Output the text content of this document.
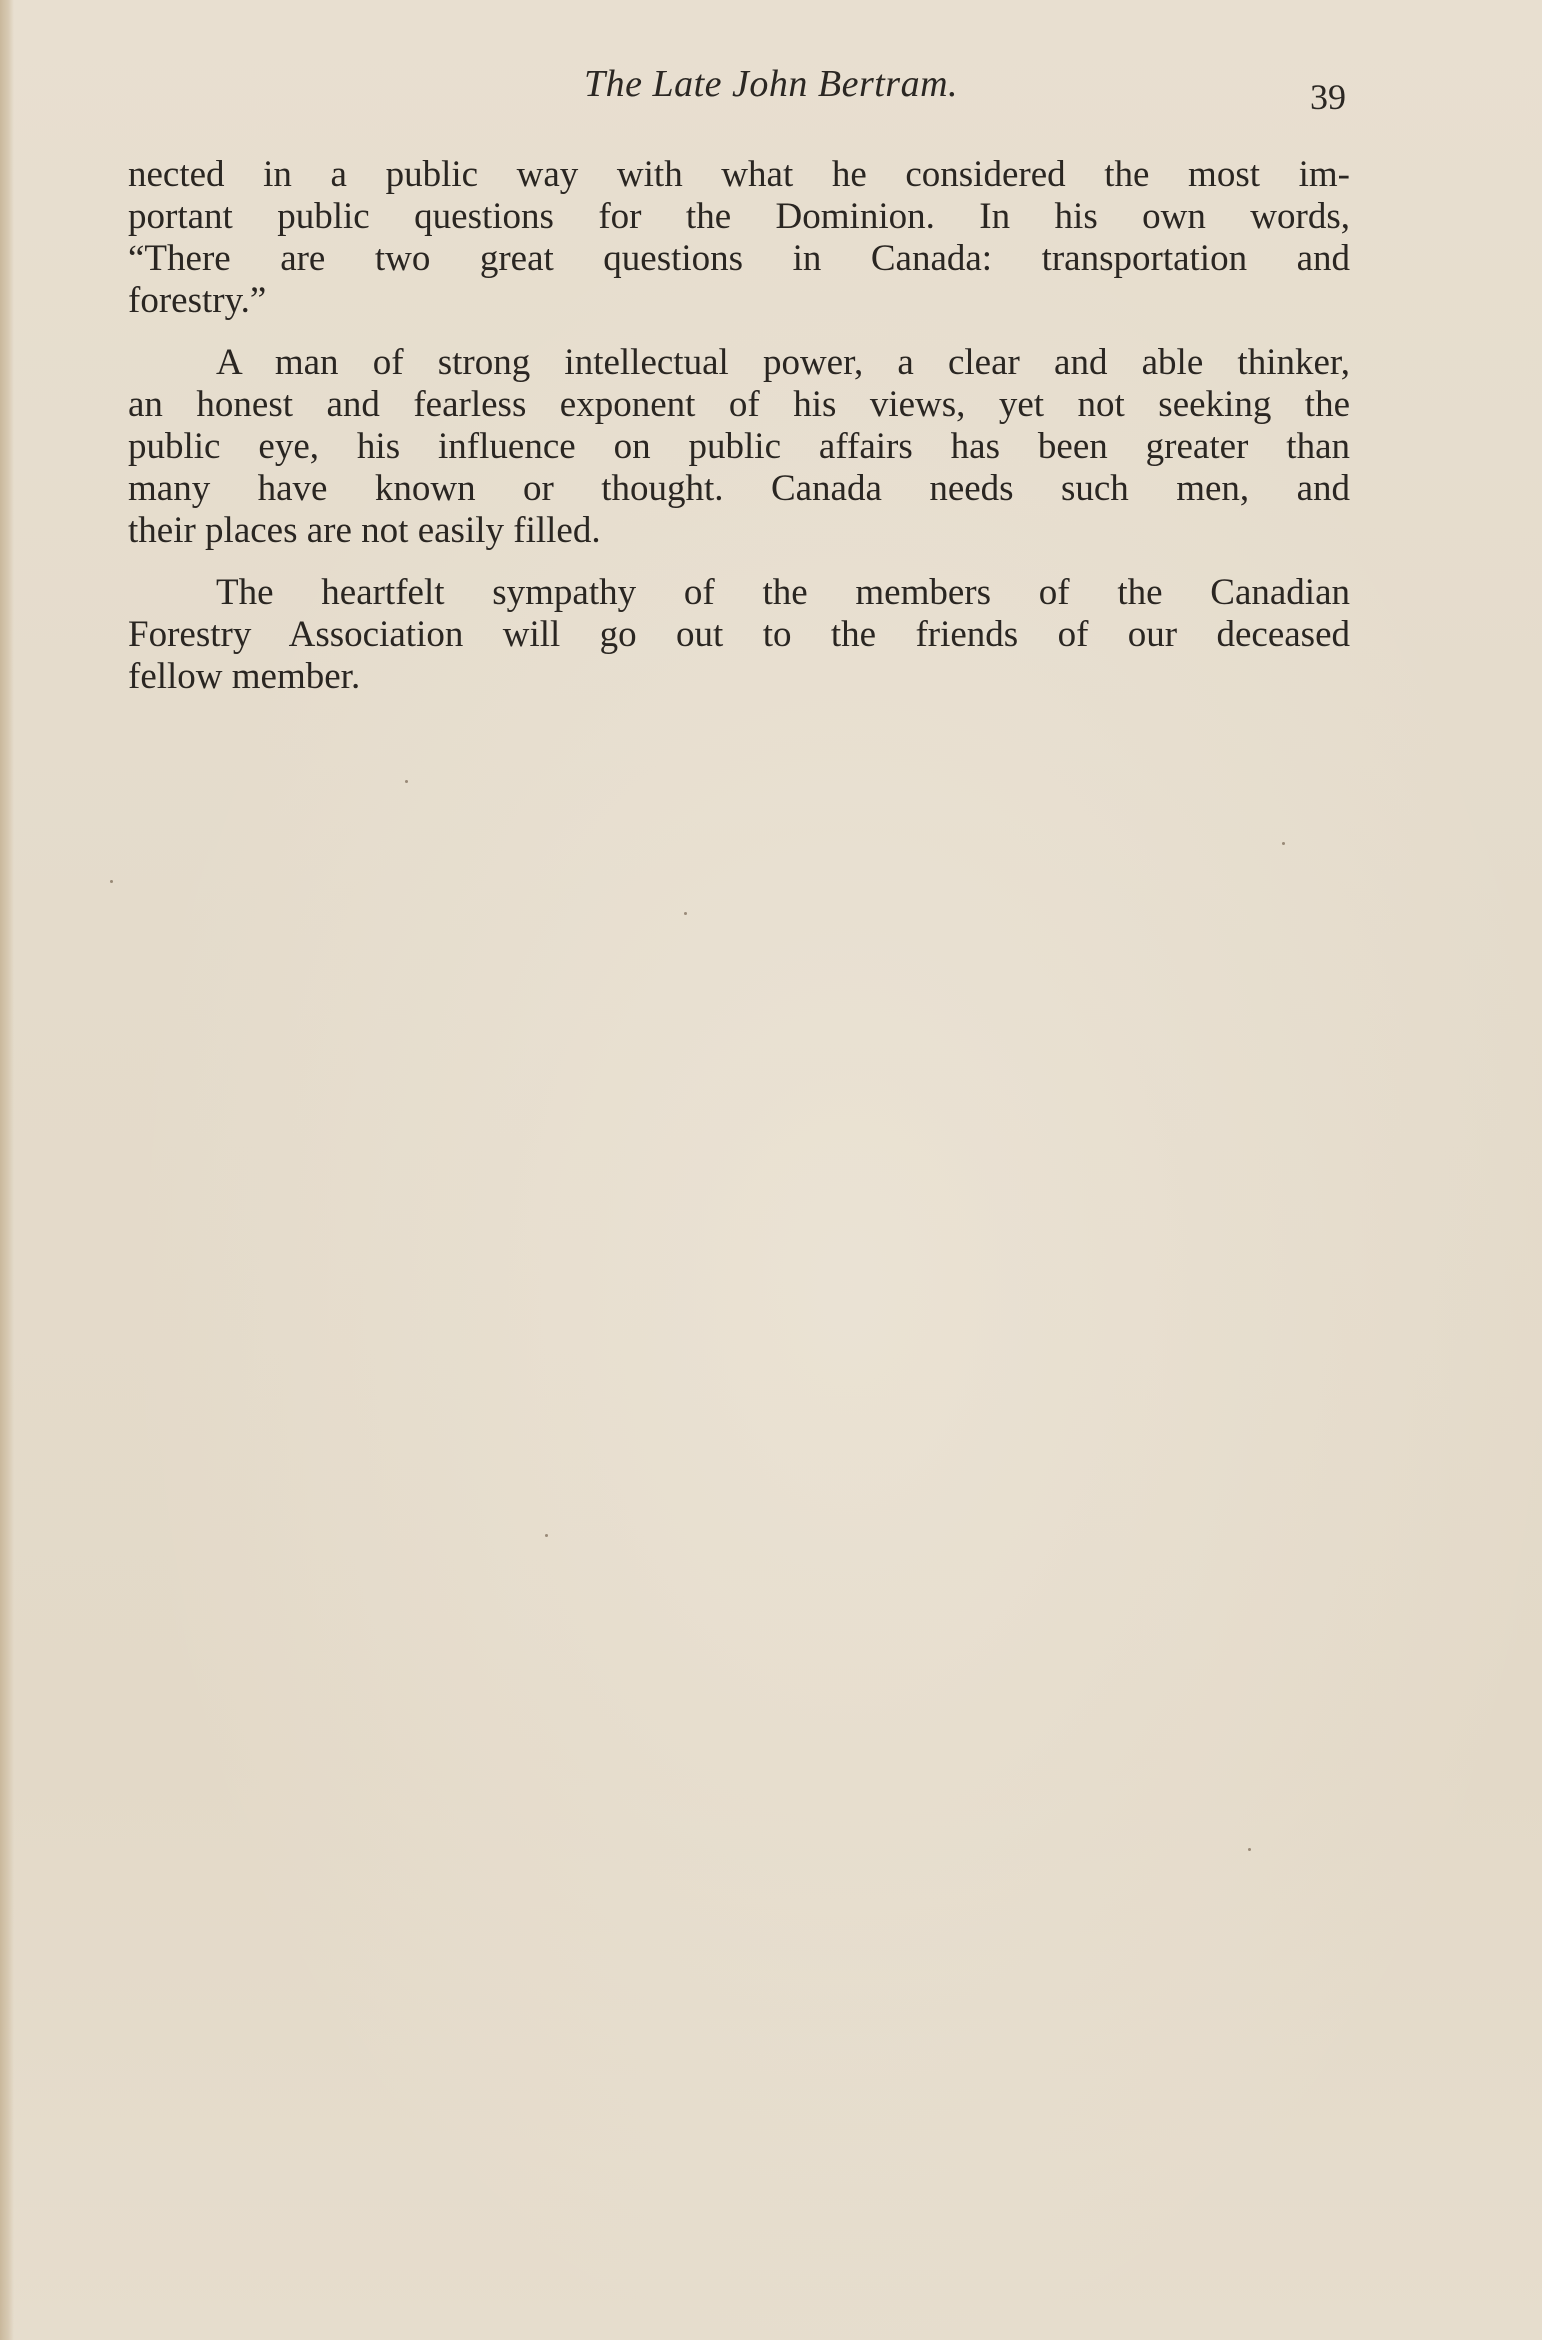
The Late John Bertram.	39
nected in a public way with what he considered the most im-
portant public questions for the Dominion. In his own words,
“There are two great questions in Canada: transportation and
forestry.”
A man of strong intellectual power, a clear and able thinker,
an honest and fearless exponent of his views, yet not seeking the
public eye, his influence on public affairs has been greater than
many have known or thought. Canada needs such men, and
their places are not easily filled.
The heartfelt sympathy of the members of the Canadian
Forestry Association will go out to the friends of our deceased
fellow member.
